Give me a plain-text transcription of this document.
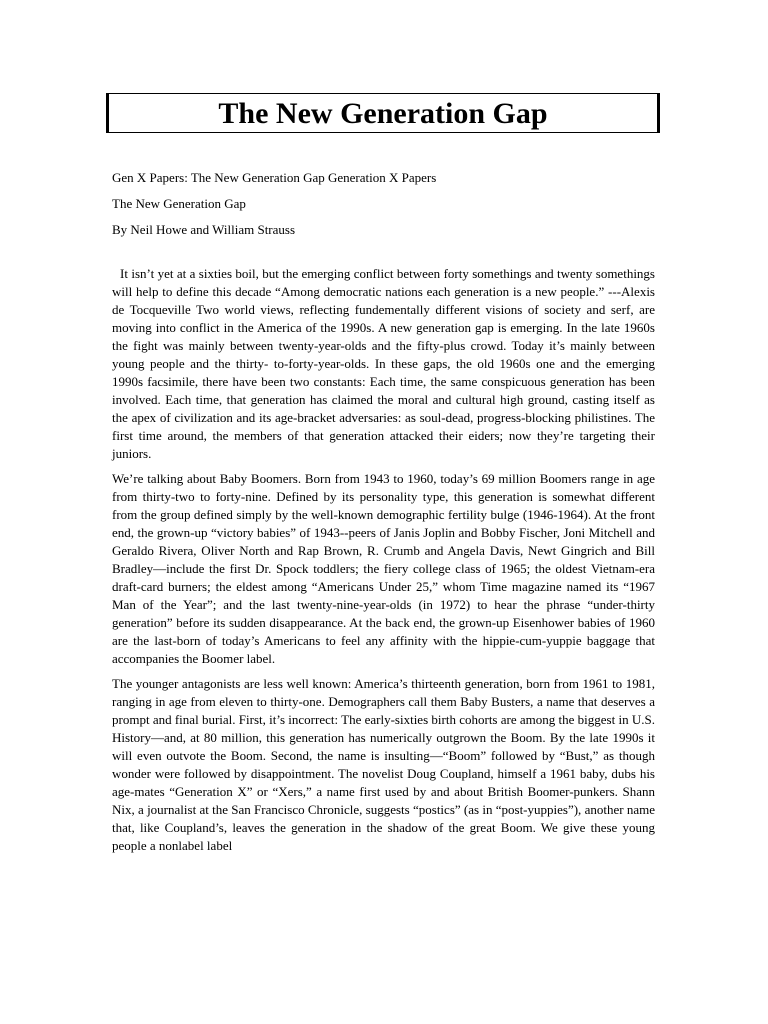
The New Generation Gap
Gen X Papers: The New Generation Gap Generation X Papers
The New Generation Gap
By Neil Howe and William Strauss

It isn’t yet at a sixties boil, but the emerging conflict between forty somethings and twenty somethings will help to define this decade “Among democratic nations each generation is a new people.” ---Alexis de Tocqueville Two world views, reflecting fundementally different visions of society and serf, are moving into conflict in the America of the 1990s. A new generation gap is emerging. In the late 1960s the fight was mainly between twenty-year-olds and the fifty-plus crowd. Today it’s mainly between young people and the thirty- to-forty-year-olds. In these gaps, the old 1960s one and the emerging 1990s facsimile, there have been two constants: Each time, the same conspicuous generation has been involved. Each time, that generation has claimed the moral and cultural high ground, casting itself as the apex of civilization and its age-bracket adversaries: as soul-dead, progress-blocking philistines. The first time around, the members of that generation attacked their eiders; now they’re targeting their juniors.

We’re talking about Baby Boomers. Born from 1943 to 1960, today’s 69 million Boomers range in age from thirty-two to forty-nine. Defined by its personality type, this generation is somewhat different from the group defined simply by the well-known demographic fertility bulge (1946-1964). At the front end, the grown-up “victory babies” of 1943--peers of Janis Joplin and Bobby Fischer, Joni Mitchell and Geraldo Rivera, Oliver North and Rap Brown, R. Crumb and Angela Davis, Newt Gingrich and Bill Bradley—include the first Dr. Spock toddlers; the fiery college class of 1965; the oldest Vietnam-era draft-card burners; the eldest among “Americans Under 25,” whom Time magazine named its “1967 Man of the Year”; and the last twenty-nine-year-olds (in 1972) to hear the phrase “under-thirty generation” before its sudden disappearance. At the back end, the grown-up Eisenhower babies of 1960 are the last-born of today’s Americans to feel any affinity with the hippie-cum-yuppie baggage that accompanies the Boomer label.

The younger antagonists are less well known: America’s thirteenth generation, born from 1961 to 1981, ranging in age from eleven to thirty-one. Demographers call them Baby Busters, a name that deserves a prompt and final burial. First, it’s incorrect: The early-sixties birth cohorts are among the biggest in U.S. History—and, at 80 million, this generation has numerically outgrown the Boom. By the late 1990s it will even outvote the Boom. Second, the name is insulting—“Boom” followed by “Bust,” as though wonder were followed by disappointment. The novelist Doug Coupland, himself a 1961 baby, dubs his age-mates “Generation X” or “Xers,” a name first used by and about British Boomer-punkers. Shann Nix, a journalist at the San Francisco Chronicle, suggests “postics” (as in “post-yuppies”), another name that, like Coupland’s, leaves the generation in the shadow of the great Boom. We give these young people a nonlabel label
